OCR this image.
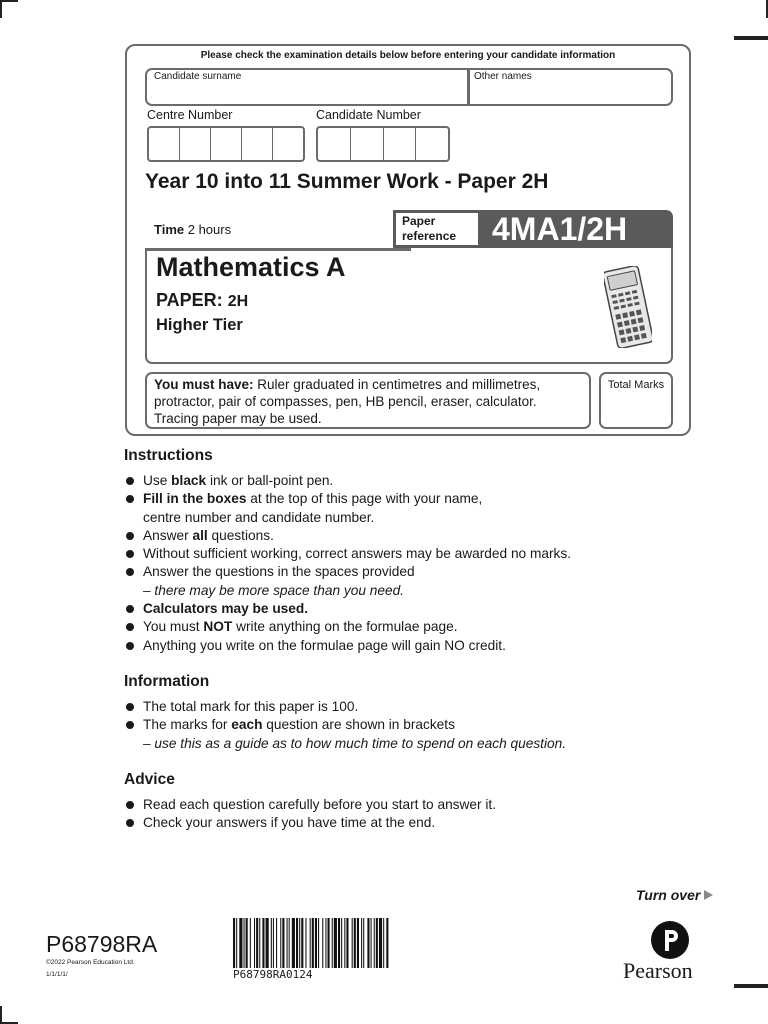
Please check the examination details below before entering your candidate information
Candidate surname	Other names
Centre Number	Candidate Number
Year 10 into 11 Summer Work - Paper 2H
Time 2 hours
Paper
reference	4MA1/2H
Mathematics A
PAPER: 2H
Higher Tier
You must have: Ruler graduated in centimetres and millimetres,
protractor, pair of compasses, pen, HB pencil, eraser, calculator.
Tracing paper may be used.
Total Marks
Instructions
Use black ink or ball-point pen.
Fill in the boxes at the top of this page with your name,
centre number and candidate number.
Answer all questions.
Without sufficient working, correct answers may be awarded no marks.
Answer the questions in the spaces provided
– there may be more space than you need.
Calculators may be used.
You must NOT write anything on the formulae page.
Anything you write on the formulae page will gain NO credit.
Information
The total mark for this paper is 100.
The marks for each question are shown in brackets
– use this as a guide as to how much time to spend on each question.
Advice
Read each question carefully before you start to answer it.
Check your answers if you have time at the end.
Turn over
P68798RA
©2022 Pearson Education Ltd.
1/1/1/1/	P68798RA0124	Pearson
